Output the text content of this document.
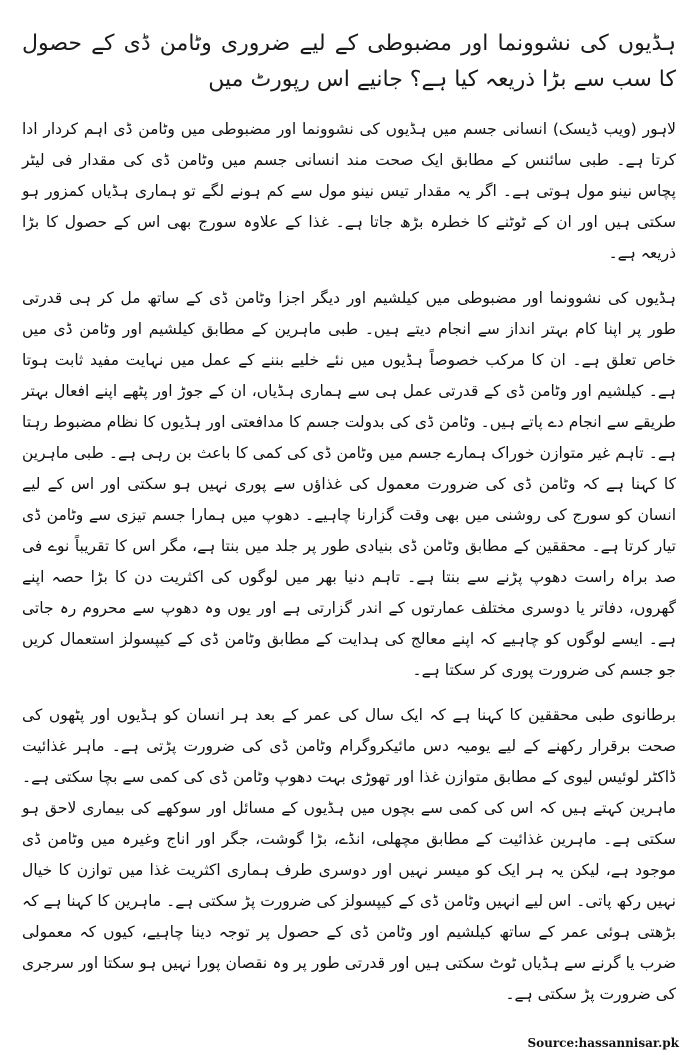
ہڈیوں کی نشوونما اور مضبوطی کے لیے ضروری وٹامن ڈی کے حصول کا سب سے بڑا ذریعہ کیا ہے؟ جانیے اس رپورٹ میں

لاہور (ویب ڈیسک) انسانی جسم میں ہڈیوں کی نشوونما اور مضبوطی میں وٹامن ڈی اہم کردار ادا کرتا ہے۔ طبی سائنس کے مطابق ایک صحت مند انسانی جسم میں وٹامن ڈی کی مقدار فی لیٹر پچاس نینو مول ہوتی ہے۔ اگر یہ مقدار تیس نینو مول سے کم ہونے لگے تو ہماری ہڈیاں کمزور ہو سکتی ہیں اور ان کے ٹوٹنے کا خطرہ بڑھ جاتا ہے۔ غذا کے علاوہ سورج بھی اس کے حصول کا بڑا ذریعہ ہے۔

ہڈیوں کی نشوونما اور مضبوطی میں کیلشیم اور دیگر اجزا وٹامن ڈی کے ساتھ مل کر ہی قدرتی طور پر اپنا کام بہتر انداز سے انجام دیتے ہیں۔ طبی ماہرین کے مطابق کیلشیم اور وٹامن ڈی میں خاص تعلق ہے۔ ان کا مرکب خصوصاً ہڈیوں میں نئے خلیے بننے کے عمل میں نہایت مفید ثابت ہوتا ہے۔ کیلشیم اور وٹامن ڈی کے قدرتی عمل ہی سے ہماری ہڈیاں، ان کے جوڑ اور پٹھے اپنے افعال بہتر طریقے سے انجام دے پاتے ہیں۔ وٹامن ڈی کی بدولت جسم کا مدافعتی اور ہڈیوں کا نظام مضبوط رہتا ہے۔ تاہم غیر متوازن خوراک ہمارے جسم میں وٹامن ڈی کی کمی کا باعث بن رہی ہے۔ طبی ماہرین کا کہنا ہے کہ وٹامن ڈی کی ضرورت معمول کی غذاؤں سے پوری نہیں ہو سکتی اور اس کے لیے انسان کو سورج کی روشنی میں بھی وقت گزارنا چاہیے۔ دھوپ میں ہمارا جسم تیزی سے وٹامن ڈی تیار کرتا ہے۔ محققین کے مطابق وٹامن ڈی بنیادی طور پر جلد میں بنتا ہے، مگر اس کا تقریباً نوے فی صد براہ راست دھوپ پڑنے سے بنتا ہے۔ تاہم دنیا بھر میں لوگوں کی اکثریت دن کا بڑا حصہ اپنے گھروں، دفاتر یا دوسری مختلف عمارتوں کے اندر گزارتی ہے اور یوں وہ دھوپ سے محروم رہ جاتی ہے۔ ایسے لوگوں کو چاہیے کہ اپنے معالج کی ہدایت کے مطابق وٹامن ڈی کے کیپسولز استعمال کریں جو جسم کی ضرورت پوری کر سکتا ہے۔

برطانوی طبی محققین کا کہنا ہے کہ ایک سال کی عمر کے بعد ہر انسان کو ہڈیوں اور پٹھوں کی صحت برقرار رکھنے کے لیے یومیہ دس مائیکروگرام وٹامن ڈی کی ضرورت پڑتی ہے۔ ماہر غذائیت ڈاکٹر لوئیس لیوی کے مطابق متوازن غذا اور تھوڑی بہت دھوپ وٹامن ڈی کی کمی سے بچا سکتی ہے۔ ماہرین کہتے ہیں کہ اس کی کمی سے بچوں میں ہڈیوں کے مسائل اور سوکھے کی بیماری لاحق ہو سکتی ہے۔ ماہرین غذائیت کے مطابق مچھلی، انڈے، بڑا گوشت، جگر اور اناج وغیرہ میں وٹامن ڈی موجود ہے، لیکن یہ ہر ایک کو میسر نہیں اور دوسری طرف ہماری اکثریت غذا میں توازن کا خیال نہیں رکھ پاتی۔ اس لیے انہیں وٹامن ڈی کے کیپسولز کی ضرورت پڑ سکتی ہے۔ ماہرین کا کہنا ہے کہ بڑھتی ہوئی عمر کے ساتھ کیلشیم اور وٹامن ڈی کے حصول پر توجہ دینا چاہیے، کیوں کہ معمولی ضرب یا گرنے سے ہڈیاں ٹوٹ سکتی ہیں اور قدرتی طور پر وہ نقصان پورا نہیں ہو سکتا اور سرجری کی ضرورت پڑ سکتی ہے۔

Source:hassannisar.pk
